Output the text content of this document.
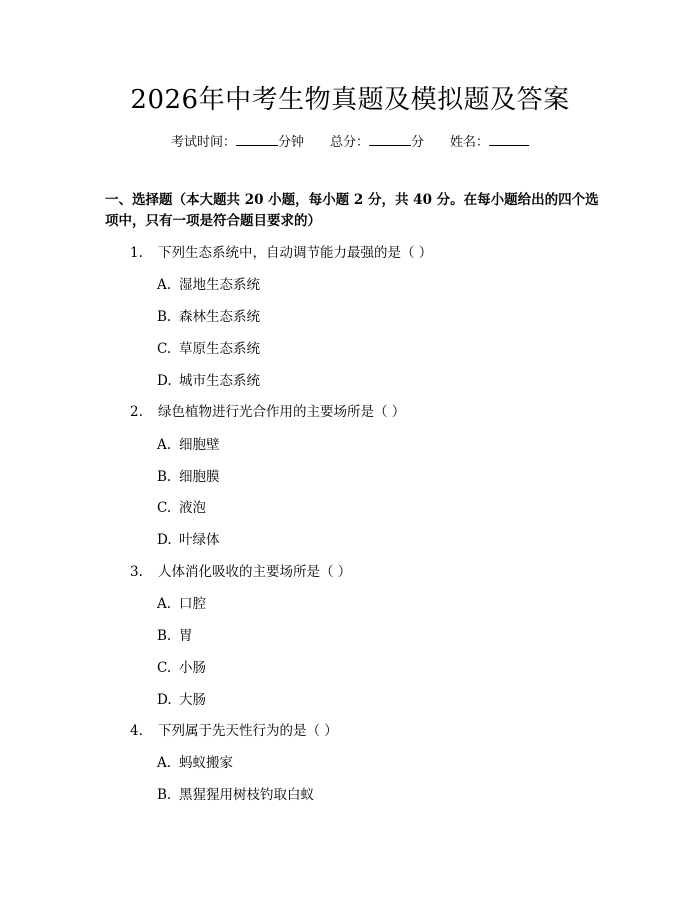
2026年中考生物真题及模拟题及答案
考试时间：	分钟 总分：	分 姓名：
一、选择题（本大题共 20 小题，每小题 2 分，共 40 分。在每小题给出的四个选项中，只有一项是符合题目要求的）
1. 下列生态系统中，自动调节能力最强的是（ ）
A. 湿地生态系统
B. 森林生态系统
C. 草原生态系统
D. 城市生态系统
2. 绿色植物进行光合作用的主要场所是（ ）
A. 细胞壁
B. 细胞膜
C. 液泡
D. 叶绿体
3. 人体消化吸收的主要场所是（ ）
A. 口腔
B. 胃
C. 小肠
D. 大肠
4. 下列属于先天性行为的是（ ）
A. 蚂蚁搬家
B. 黑猩猩用树枝钓取白蚁
